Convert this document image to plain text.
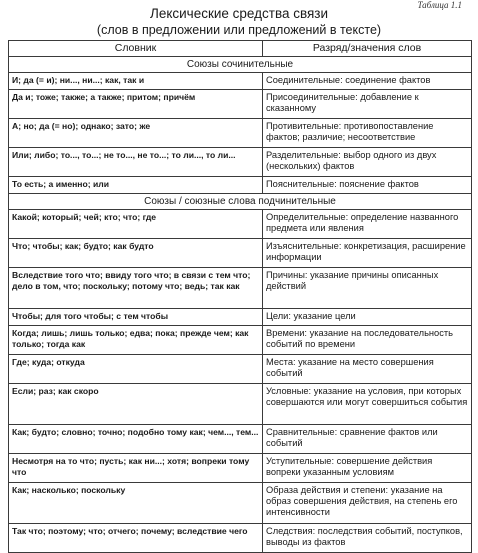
Таблица 1.1
Лексические средства связи
(слов в предложении или предложений в тексте)
Словник	Разряд/значения слов
Союзы сочинительные	
И; да (= и); ни..., ни...; как, так и	Соединительные: соединение фактов
Да и; тоже; также; а также; притом; причём	Присоединительные: добавление к сказанному
А; но; да (= но); однако; зато; же	Противительные: противопоставление фактов; различие; несоответствие
Или; либо; то..., то...; не то..., не то...; то ли..., то ли...	Разделительные: выбор одного из двух (нескольких) фактов
То есть; а именно; или	Пояснительные: пояснение фактов
Союзы / союзные слова подчинительные	
Какой; который; чей; кто; что; где	Определительные: определение названного предмета или явления
Что; чтобы; как; будто; как будто	Изъяснительные: конкретизация, расширение информации
Вследствие того что; ввиду того что; в связи с тем что; дело в том, что; поскольку; потому что; ведь; так как	Причины: указание причины описанных действий
Чтобы; для того чтобы; с тем чтобы	Цели: указание цели
Когда; лишь; лишь только; едва; пока; прежде чем; как только; тогда как	Времени: указание на последовательность событий по времени
Где; куда; откуда	Места: указание на место совершения событий
Если; раз; как скоро	Условные: указание на условия, при которых совершаются или могут совершиться события
Как; будто; словно; точно; подобно тому как; чем..., тем...	Сравнительные: сравнение фактов или событий
Несмотря на то что; пусть; как ни...; хотя; вопреки тому что	Уступительные: совершение действия вопреки указанным условиям
Как; насколько; поскольку	Образа действия и степени: указание на образ совершения действия, на степень его интенсивности
Так что; поэтому; что; отчего; почему; вследствие чего	Следствия: последствия событий, поступков, выводы из фактов
